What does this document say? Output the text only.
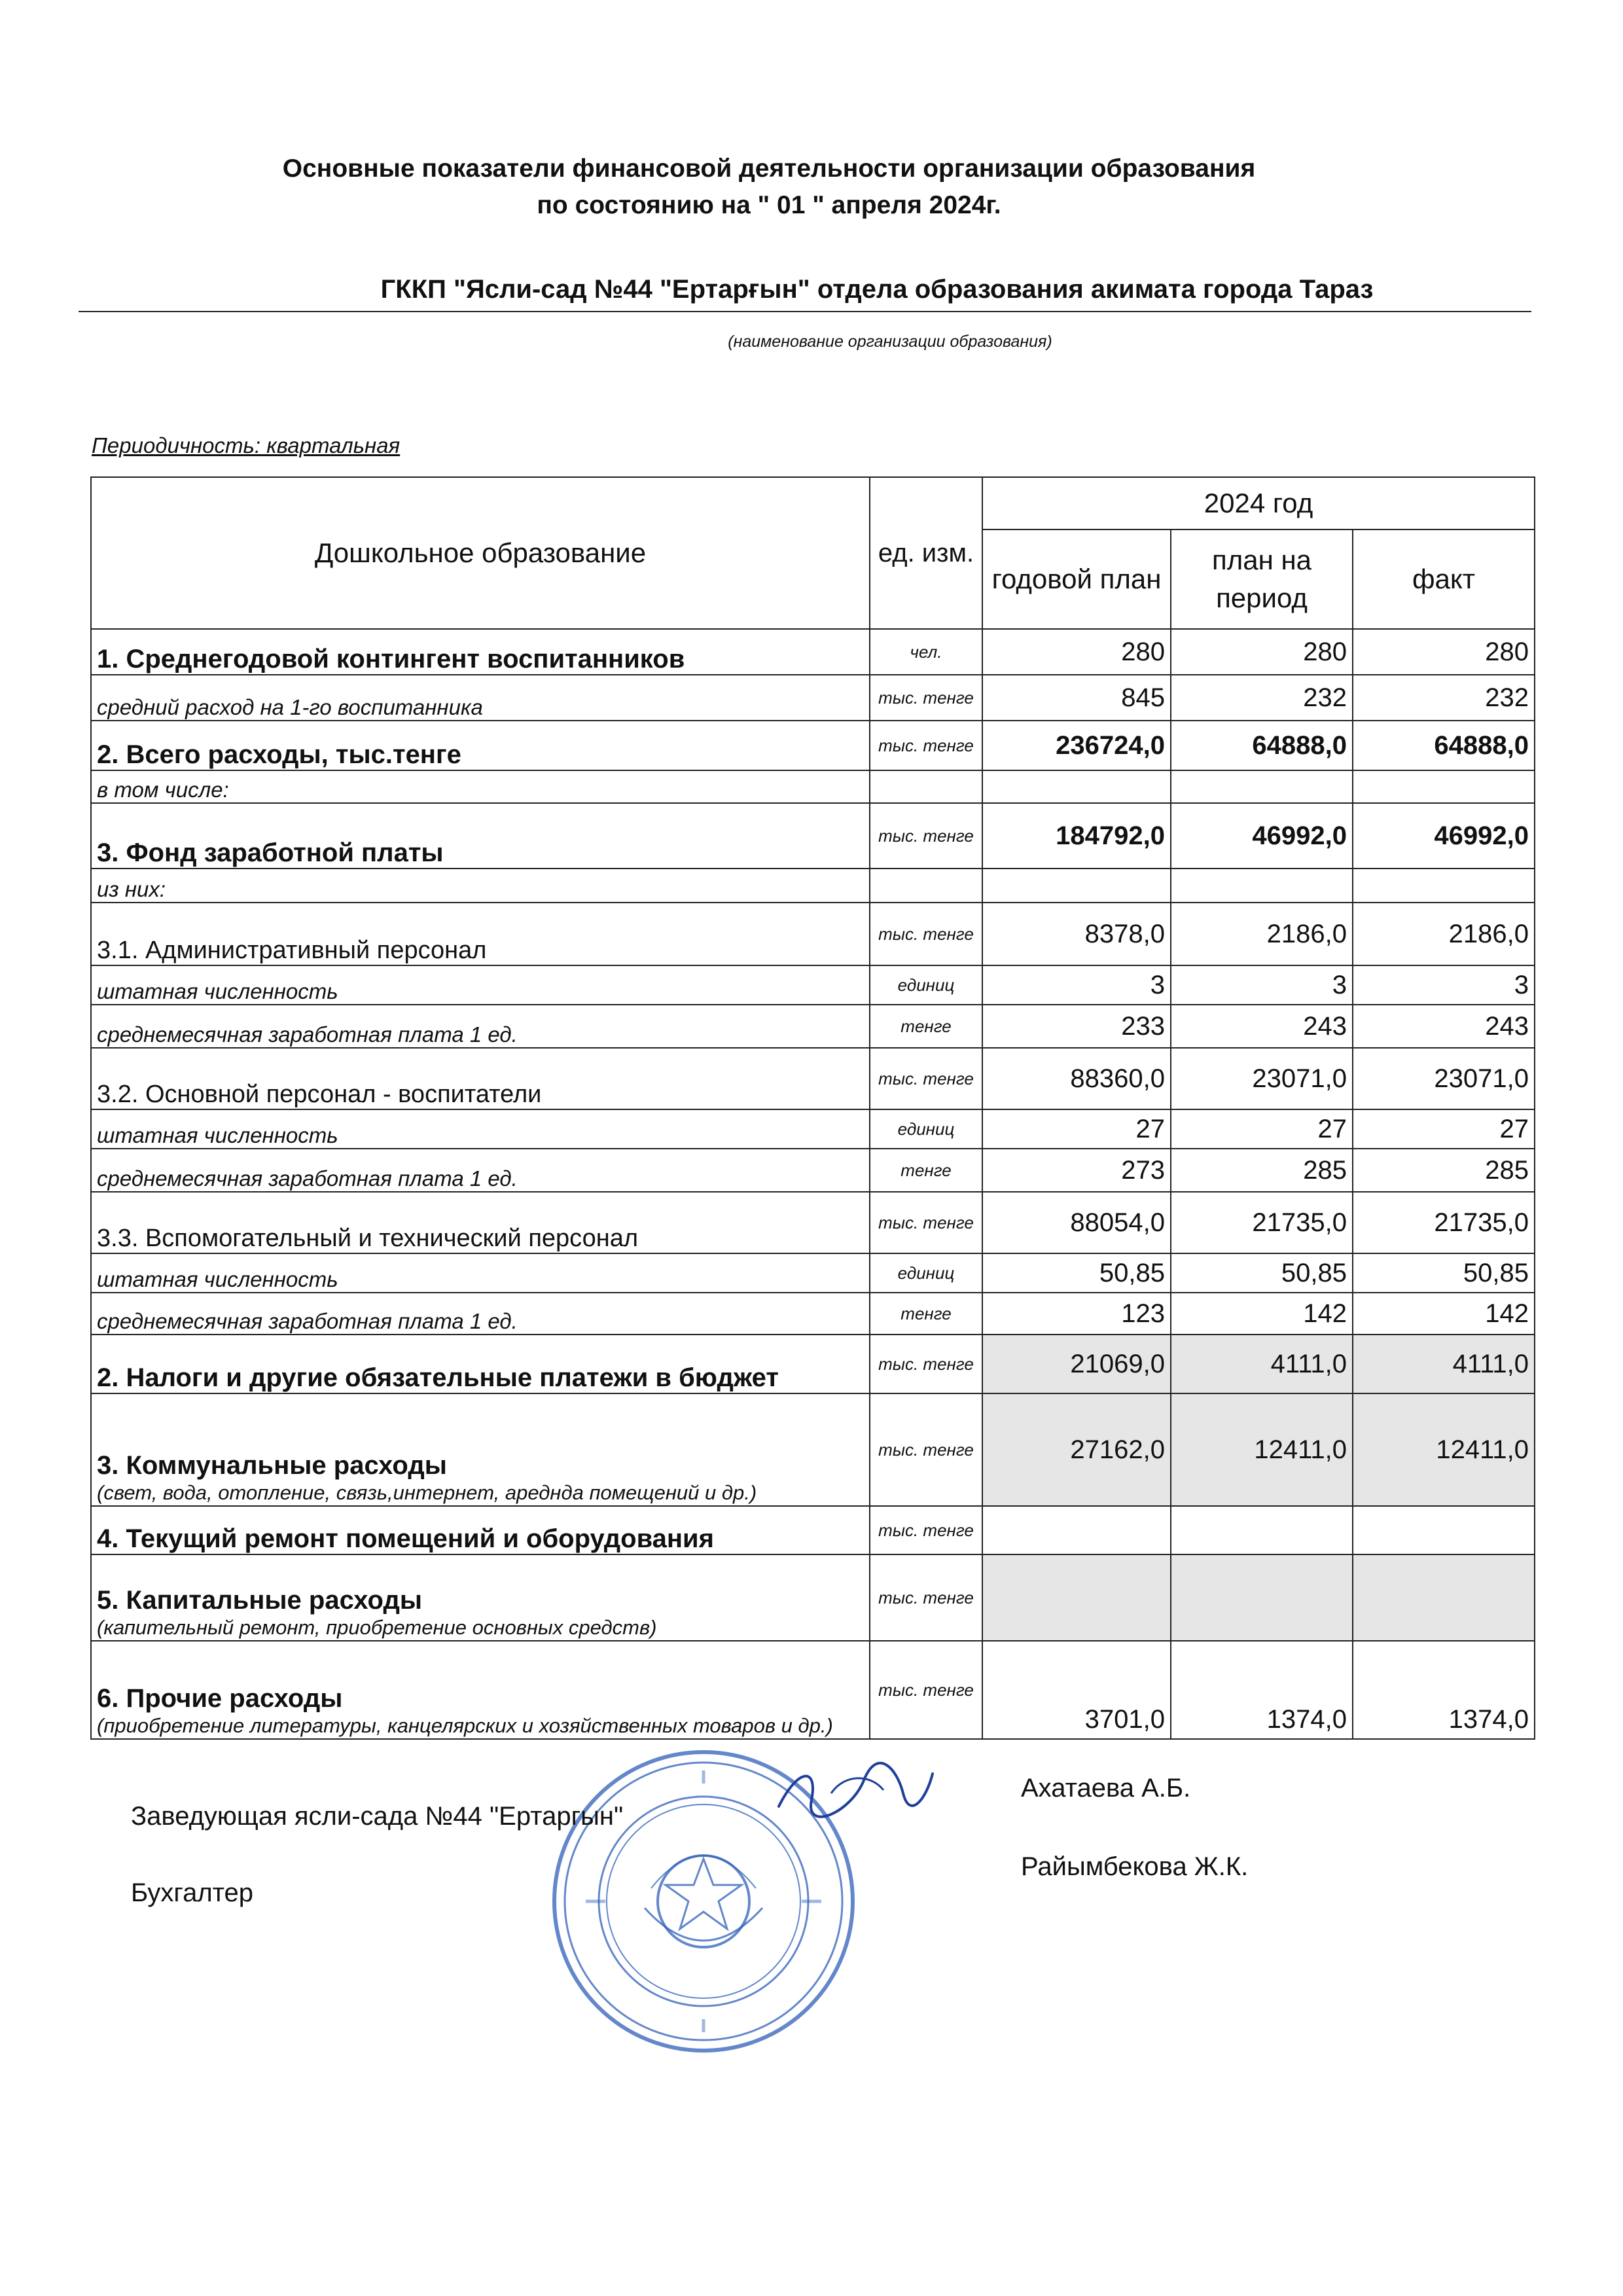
Основные показатели финансовой деятельности организации образования
по состоянию на " 01 " апреля 2024г.
ГККП "Ясли-сад №44 "Ертарғын" отдела образования акимата города Тараз
(наименование организации образования)
Периодичность: квартальная
Дошкольное образование	ед. изм.	2024 год		
		годовой план	план на период	факт
1. Среднегодовой контингент воспитанников	чел.	280	280	280
средний расход на 1-го воспитанника	тыс. тенге	845	232	232
2. Всего расходы, тыс.тенге	тыс. тенге	236724,0	64888,0	64888,0
в том числе:				
3. Фонд заработной платы	тыс. тенге	184792,0	46992,0	46992,0
из них:				
3.1. Административный персонал	тыс. тенге	8378,0	2186,0	2186,0
штатная численность	единиц	3	3	3
среднемесячная заработная плата 1 ед.	тенге	233	243	243
3.2. Основной персонал - воспитатели	тыс. тенге	88360,0	23071,0	23071,0
штатная численность	единиц	27	27	27
среднемесячная заработная плата 1 ед.	тенге	273	285	285
3.3. Вспомогательный и технический персонал	тыс. тенге	88054,0	21735,0	21735,0
штатная численность	единиц	50,85	50,85	50,85
среднемесячная заработная плата 1 ед.	тенге	123	142	142
2. Налоги и другие обязательные платежи в бюджет	тыс. тенге	21069,0	4111,0	4111,0
3. Коммунальные расходы
(свет, вода, отопление, связь,интернет, ареднда помещений и др.)	тыс. тенге	27162,0	12411,0	12411,0
4. Текущий ремонт помещений и оборудования	тыс. тенге			
5. Капитальные расходы
(капительный ремонт, приобретение основных средств)	тыс. тенге			
6. Прочие расходы
(приобретение литературы, канцелярских и хозяйственных товаров и др.)	тыс. тенге	3701,0	1374,0	1374,0
Заведующая ясли-сада №44 "Ертаргын"
Ахатаева А.Б.
Бухгалтер
Райымбекова Ж.К.
